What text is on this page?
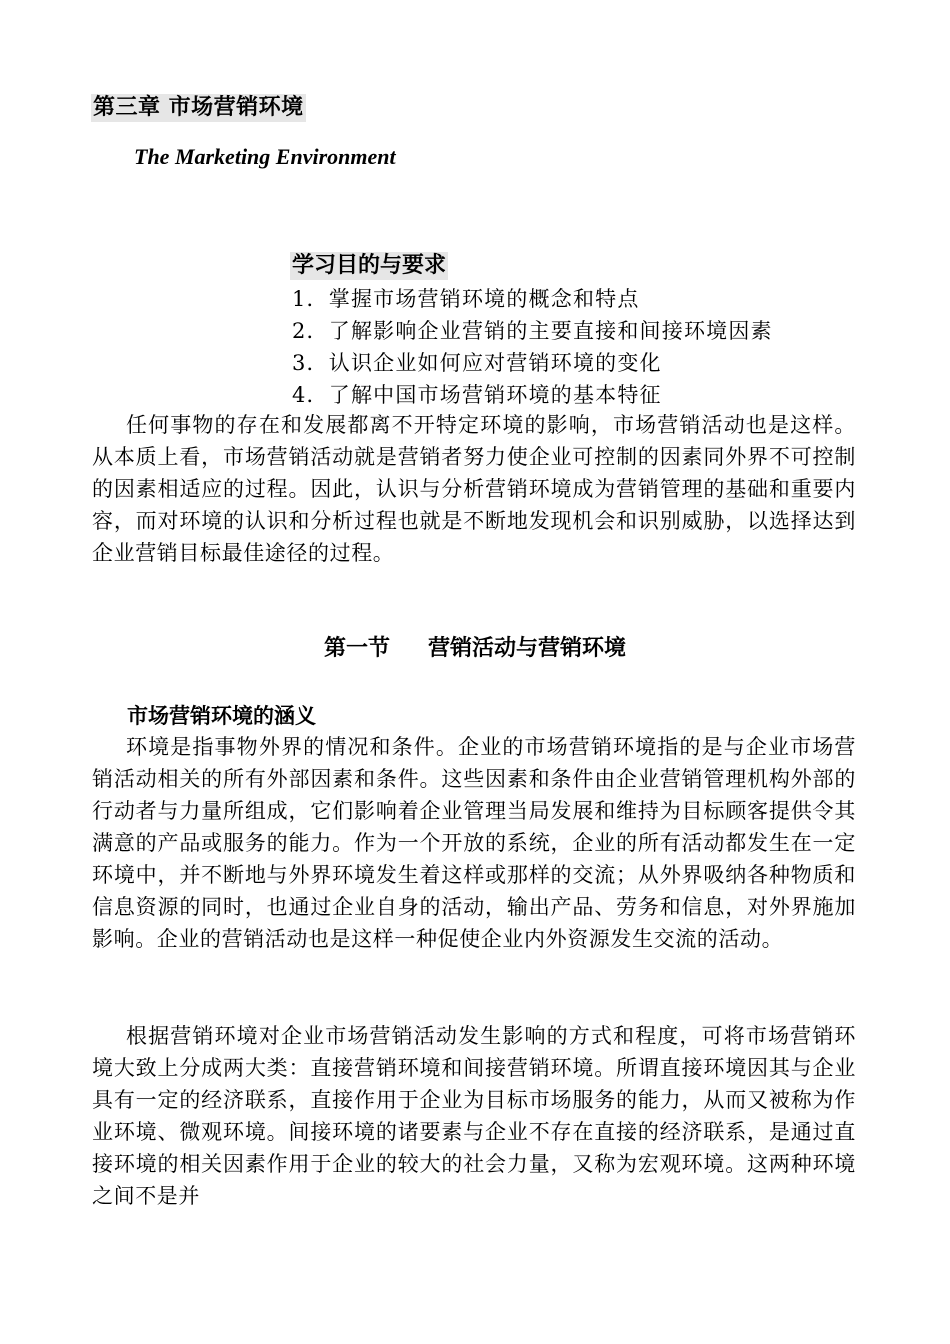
第三章 市场营销环境
The Marketing Environment
学习目的与要求
1．掌握市场营销环境的概念和特点
2．了解影响企业营销的主要直接和间接环境因素
3．认识企业如何应对营销环境的变化
4．了解中国市场营销环境的基本特征

任何事物的存在和发展都离不开特定环境的影响，市场营销活动也是这样。从本质上看，市场营销活动就是营销者努力使企业可控制的因素同外界不可控制的因素相适应的过程。因此，认识与分析营销环境成为营销管理的基础和重要内容，而对环境的认识和分析过程也就是不断地发现机会和识别威胁，以选择达到企业营销目标最佳途径的过程。

第一节 营销活动与营销环境
市场营销环境的涵义

环境是指事物外界的情况和条件。企业的市场营销环境指的是与企业市场营销活动相关的所有外部因素和条件。这些因素和条件由企业营销管理机构外部的行动者与力量所组成，它们影响着企业管理当局发展和维持为目标顾客提供令其满意的产品或服务的能力。作为一个开放的系统，企业的所有活动都发生在一定环境中，并不断地与外界环境发生着这样或那样的交流；从外界吸纳各种物质和信息资源的同时，也通过企业自身的活动，输出产品、劳务和信息，对外界施加影响。企业的营销活动也是这样一种促使企业内外资源发生交流的活动。

根据营销环境对企业市场营销活动发生影响的方式和程度，可将市场营销环境大致上分成两大类：直接营销环境和间接营销环境。所谓直接环境因其与企业具有一定的经济联系，直接作用于企业为目标市场服务的能力，从而又被称为作业环境、微观环境。间接环境的诸要素与企业不存在直接的经济联系，是通过直接环境的相关因素作用于企业的较大的社会力量，又称为宏观环境。这两种环境之间不是并
